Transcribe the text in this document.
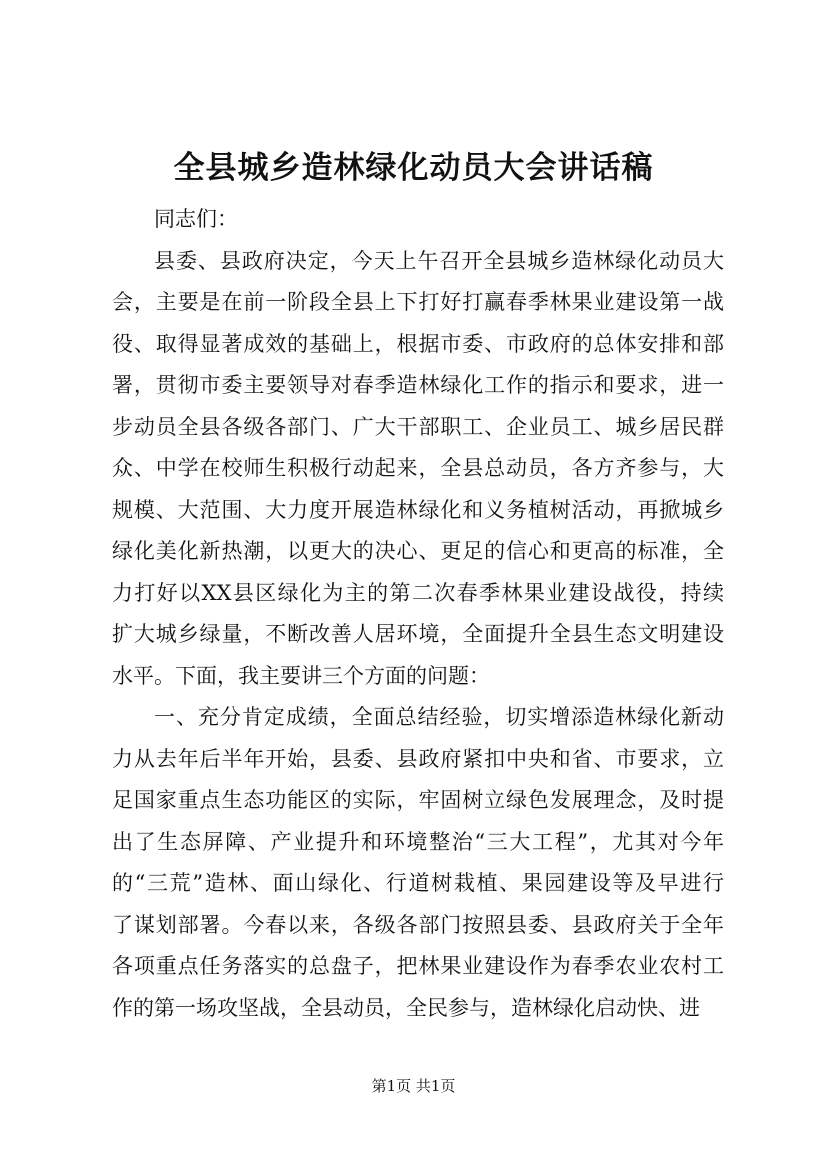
全县城乡造林绿化动员大会讲话稿
同志们：
县委、县政府决定，今天上午召开全县城乡造林绿化动员大
会，主要是在前一阶段全县上下打好打赢春季林果业建设第一战
役、取得显著成效的基础上，根据市委、市政府的总体安排和部
署，贯彻市委主要领导对春季造林绿化工作的指示和要求，进一
步动员全县各级各部门、广大干部职工、企业员工、城乡居民群
众、中学在校师生积极行动起来，全县总动员，各方齐参与，大
规模、大范围、大力度开展造林绿化和义务植树活动，再掀城乡
绿化美化新热潮，以更大的决心、更足的信心和更高的标准，全
力打好以XX县区绿化为主的第二次春季林果业建设战役，持续
扩大城乡绿量，不断改善人居环境，全面提升全县生态文明建设
水平。下面，我主要讲三个方面的问题：
一、充分肯定成绩，全面总结经验，切实增添造林绿化新动
力从去年后半年开始，县委、县政府紧扣中央和省、市要求，立
足国家重点生态功能区的实际，牢固树立绿色发展理念，及时提
出了生态屏障、产业提升和环境整治“三大工程”，尤其对今年
的“三荒”造林、面山绿化、行道树栽植、果园建设等及早进行
了谋划部署。今春以来，各级各部门按照县委、县政府关于全年
各项重点任务落实的总盘子，把林果业建设作为春季农业农村工
作的第一场攻坚战，全县动员，全民参与，造林绿化启动快、进
第1页 共1页
